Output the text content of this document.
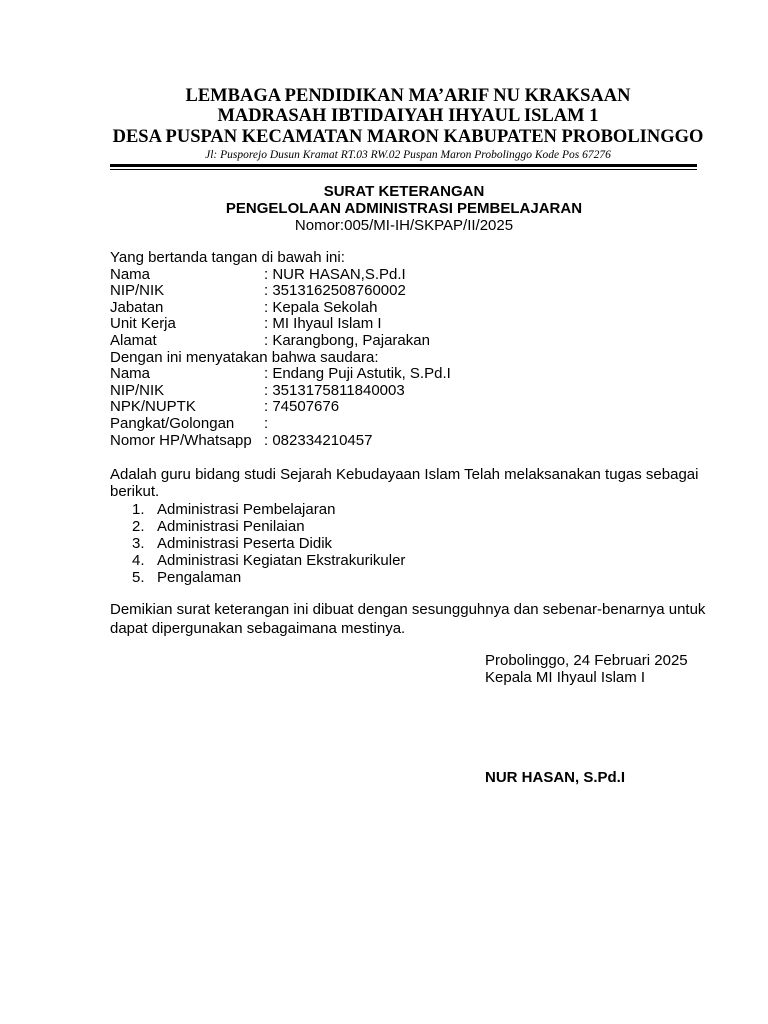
LEMBAGA PENDIDIKAN MA’ARIF NU KRAKSAAN
MADRASAH IBTIDAIYAH IHYAUL ISLAM 1
DESA PUSPAN KECAMATAN MARON KABUPATEN PROBOLINGGO
Jl: Pusporejo Dusun Kramat RT.03 RW.02 Puspan Maron Probolinggo Kode Pos 67276
SURAT KETERANGAN
PENGELOLAAN ADMINISTRASI PEMBELAJARAN
Nomor:005/MI-IH/SKPAP/II/2025
Yang bertanda tangan di bawah ini:
Nama	: NUR HASAN,S.Pd.I
NIP/NIK	: 3513162508760002
Jabatan	: Kepala Sekolah
Unit Kerja	: MI Ihyaul Islam I
Alamat	: Karangbong, Pajarakan
Dengan ini menyatakan bahwa saudara:
Nama	: Endang Puji Astutik, S.Pd.I
NIP/NIK	: 3513175811840003
NPK/NUPTK	: 74507676
Pangkat/Golongan	:
Nomor HP/Whatsapp : 082334210457
Adalah guru bidang studi Sejarah Kebudayaan Islam Telah melaksanakan tugas sebagai berikut.
1. Administrasi Pembelajaran
2. Administrasi Penilaian
3. Administrasi Peserta Didik
4. Administrasi Kegiatan Ekstrakurikuler
5. Pengalaman
Demikian surat keterangan ini dibuat dengan sesungguhnya dan sebenar-benarnya untuk dapat dipergunakan sebagaimana mestinya.
Probolinggo, 24 Februari 2025
Kepala MI Ihyaul Islam I
NUR HASAN, S.Pd.I
